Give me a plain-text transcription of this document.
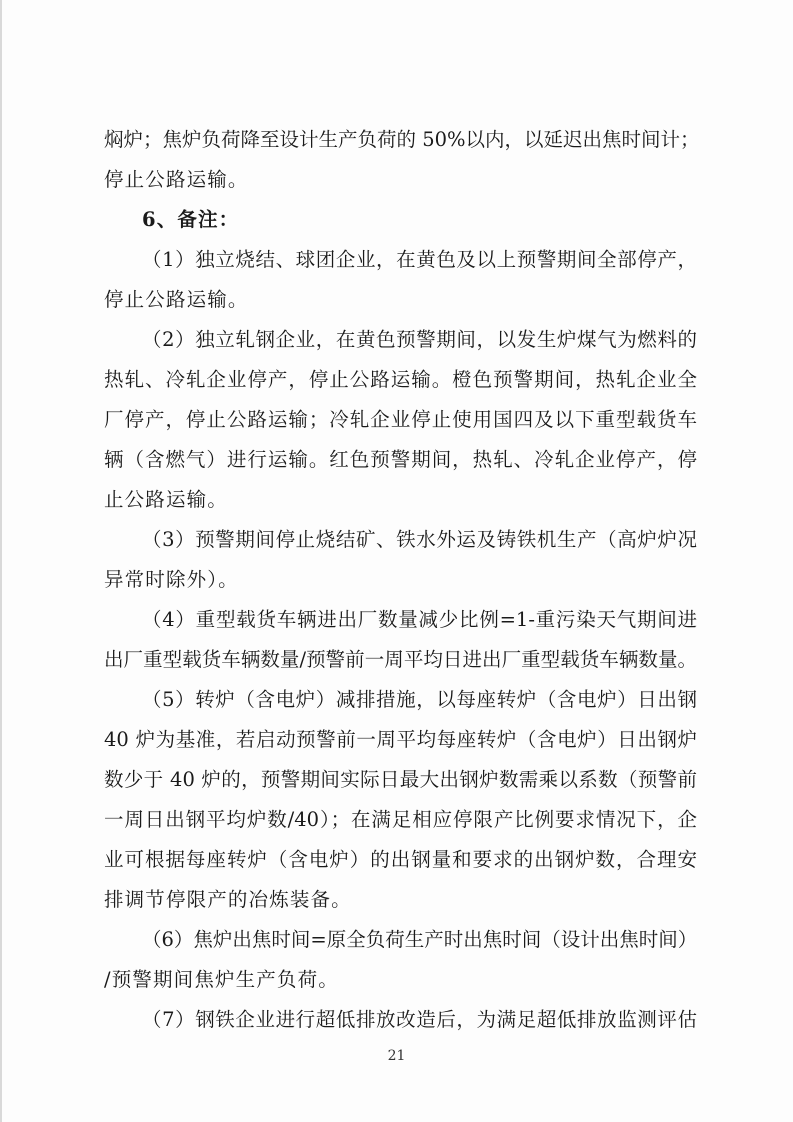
焖炉；焦炉负荷降至设计生产负荷的 50%以内，以延迟出焦时间计；
停止公路运输。
6、备注：
（1）独立烧结、球团企业，在黄色及以上预警期间全部停产，
停止公路运输。
（2）独立轧钢企业，在黄色预警期间，以发生炉煤气为燃料的
热轧、冷轧企业停产，停止公路运输。橙色预警期间，热轧企业全
厂停产，停止公路运输；冷轧企业停止使用国四及以下重型载货车
辆（含燃气）进行运输。红色预警期间，热轧、冷轧企业停产，停
止公路运输。
（3）预警期间停止烧结矿、铁水外运及铸铁机生产（高炉炉况
异常时除外）。
（4）重型载货车辆进出厂数量减少比例=1-重污染天气期间进
出厂重型载货车辆数量/预警前一周平均日进出厂重型载货车辆数量。
（5）转炉（含电炉）减排措施，以每座转炉（含电炉）日出钢
40 炉为基准，若启动预警前一周平均每座转炉（含电炉）日出钢炉
数少于 40 炉的，预警期间实际日最大出钢炉数需乘以系数（预警前
一周日出钢平均炉数/40）；在满足相应停限产比例要求情况下，企
业可根据每座转炉（含电炉）的出钢量和要求的出钢炉数，合理安
排调节停限产的冶炼装备。
（6）焦炉出焦时间=原全负荷生产时出焦时间（设计出焦时间）
/预警期间焦炉生产负荷。
（7）钢铁企业进行超低排放改造后，为满足超低排放监测评估
21
